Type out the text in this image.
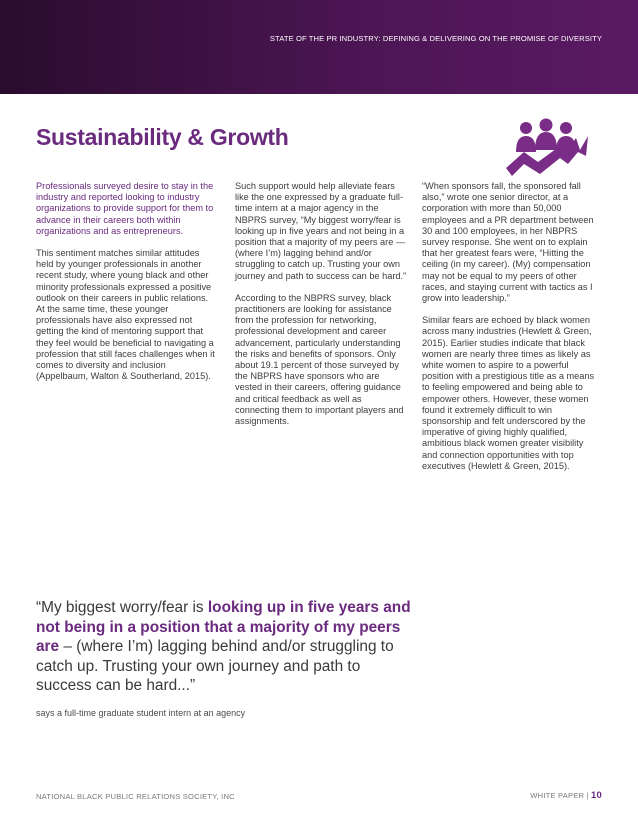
STATE OF THE PR INDUSTRY: DEFINING & DELIVERING ON THE PROMISE OF DIVERSITY
Sustainability & Growth

Professionals surveyed desire to stay in the industry and reported looking to industry organizations to provide support for them to advance in their careers both within organizations and as entrepreneurs.

This sentiment matches similar attitudes held by younger professionals in another recent study, where young black and other minority professionals expressed a positive outlook on their careers in public relations. At the same time, these younger professionals have also expressed not getting the kind of mentoring support that they feel would be beneficial to navigating a profession that still faces challenges when it comes to diversity and inclusion (Appelbaum, Walton & Southerland, 2015).

Such support would help alleviate fears like the one expressed by a graduate full-time intern at a major agency in the NBPRS survey, “My biggest worry/fear is looking up in five years and not being in a position that a majority of my peers are — (where I’m) lagging behind and/or struggling to catch up. Trusting your own journey and path to success can be hard.”

According to the NBPRS survey, black practitioners are looking for assistance from the profession for networking, professional development and career advancement, particularly understanding the risks and benefits of sponsors. Only about 19.1 percent of those surveyed by the NBPRS have sponsors who are vested in their careers, offering guidance and critical feedback as well as connecting them to important players and assignments.

“When sponsors fall, the sponsored fall also,” wrote one senior director, at a corporation with more than 50,000 employees and a PR department between 30 and 100 employees, in her NBPRS survey response. She went on to explain that her greatest fears were, “Hitting the ceiling (in my career). (My) compensation may not be equal to my peers of other races, and staying current with tactics as I grow into leadership.”

Similar fears are echoed by black women across many industries (Hewlett & Green, 2015). Earlier studies indicate that black women are nearly three times as likely as white women to aspire to a powerful position with a prestigious title as a means to feeling empowered and being able to empower others. However, these women found it extremely difficult to win sponsorship and felt underscored by the imperative of giving highly qualified, ambitious black women greater visibility and connection opportunities with top executives (Hewlett & Green, 2015).

“My biggest worry/fear is looking up in five years and not being in a position that a majority of my peers are – (where I’m) lagging behind and/or struggling to catch up. Trusting your own journey and path to success can be hard...”
says a full-time graduate student intern at an agency
NATIONAL BLACK PUBLIC RELATIONS SOCIETY, INC	WHITE PAPER | 10
